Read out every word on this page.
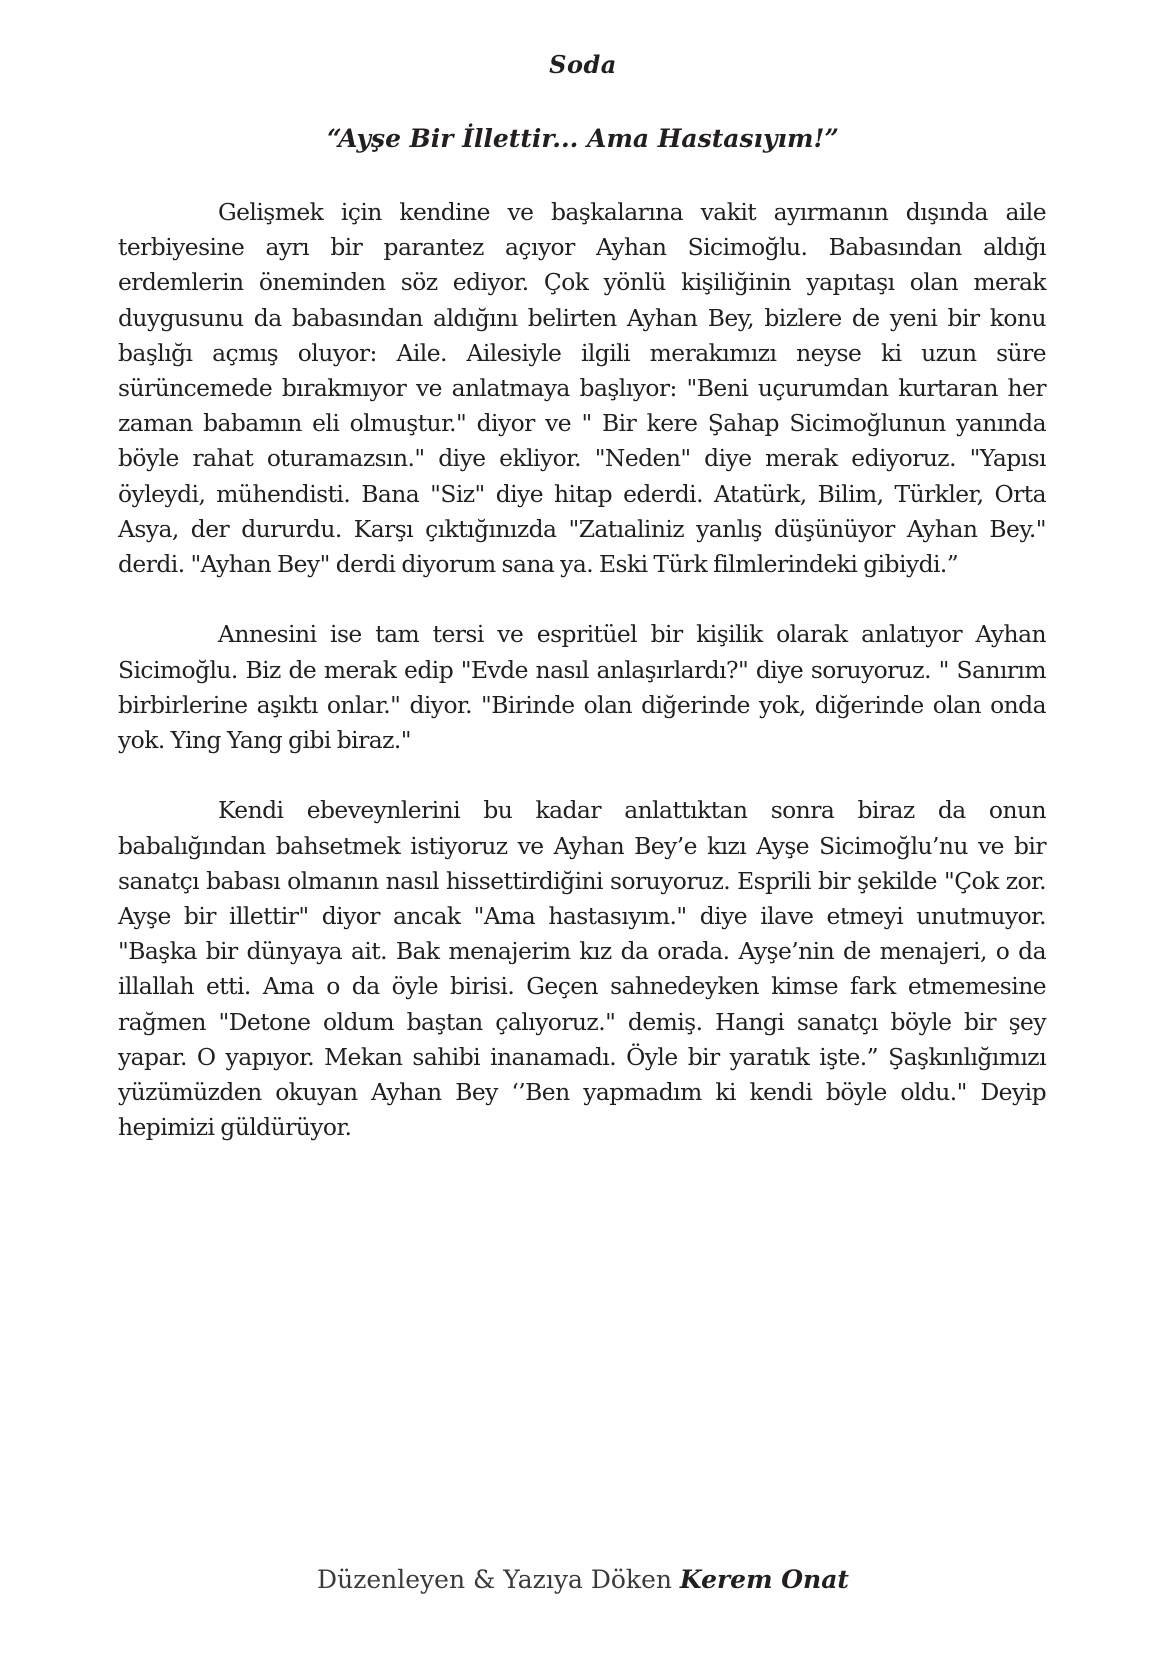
Soda
“Ayşe Bir İllettir... Ama Hastasıyım!”

Gelişmek için kendine ve başkalarına vakit ayırmanın dışında aile terbiyesine ayrı bir parantez açıyor Ayhan Sicimoğlu. Babasından aldığı erdemlerin öneminden söz ediyor. Çok yönlü kişiliğinin yapıtaşı olan merak duygusunu da babasından aldığını belirten Ayhan Bey, bizlere de yeni bir konu başlığı açmış oluyor: Aile. Ailesiyle ilgili merakımızı neyse ki uzun süre sürüncemede bırakmıyor ve anlatmaya başlıyor: "Beni uçurumdan kurtaran her zaman babamın eli olmuştur." diyor ve " Bir kere Şahap Sicimoğlunun yanında böyle rahat oturamazsın." diye ekliyor. "Neden" diye merak ediyoruz. "Yapısı öyleydi, mühendisti. Bana "Siz" diye hitap ederdi. Atatürk, Bilim, Türkler, Orta Asya, der dururdu. Karşı çıktığınızda "Zatıaliniz yanlış düşünüyor Ayhan Bey." derdi. "Ayhan Bey" derdi diyorum sana ya. Eski Türk filmlerindeki gibiydi.”

Annesini ise tam tersi ve espritüel bir kişilik olarak anlatıyor Ayhan Sicimoğlu. Biz de merak edip "Evde nasıl anlaşırlardı?" diye soruyoruz. " Sanırım birbirlerine aşıktı onlar." diyor. "Birinde olan diğerinde yok, diğerinde olan onda yok. Ying Yang gibi biraz."

Kendi ebeveynlerini bu kadar anlattıktan sonra biraz da onun babalığından bahsetmek istiyoruz ve Ayhan Bey’e kızı Ayşe Sicimoğlu’nu ve bir sanatçı babası olmanın nasıl hissettirdiğini soruyoruz. Esprili bir şekilde "Çok zor. Ayşe bir illettir" diyor ancak "Ama hastasıyım." diye ilave etmeyi unutmuyor. "Başka bir dünyaya ait. Bak menajerim kız da orada. Ayşe’nin de menajeri, o da illallah etti. Ama o da öyle birisi. Geçen sahnedeyken kimse fark etmemesine rağmen "Detone oldum baştan çalıyoruz." demiş. Hangi sanatçı böyle bir şey yapar. O yapıyor. Mekan sahibi inanamadı. Öyle bir yaratık işte.” Şaşkınlığımızı yüzümüzden okuyan Ayhan Bey ‘’Ben yapmadım ki kendi böyle oldu." Deyip hepimizi güldürüyor.

Düzenleyen & Yazıya Döken Kerem Onat
